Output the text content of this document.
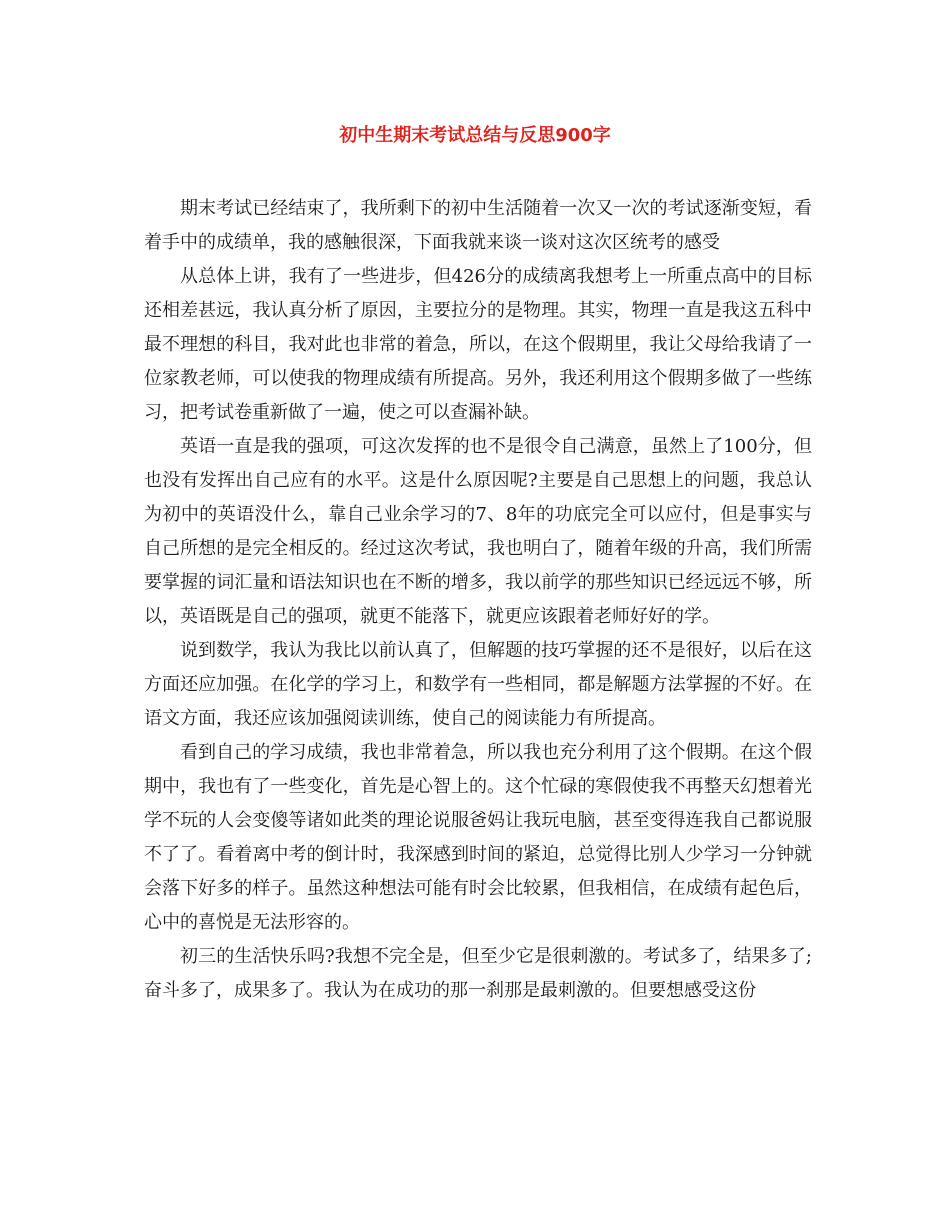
初中生期末考试总结与反思900字

期末考试已经结束了，我所剩下的初中生活随着一次又一次的考试逐渐变短，看着手中的成绩单，我的感触很深，下面我就来谈一谈对这次区统考的感受

从总体上讲，我有了一些进步，但426分的成绩离我想考上一所重点高中的目标还相差甚远，我认真分析了原因，主要拉分的是物理。其实，物理一直是我这五科中最不理想的科目，我对此也非常的着急，所以，在这个假期里，我让父母给我请了一位家教老师，可以使我的物理成绩有所提高。另外，我还利用这个假期多做了一些练习，把考试卷重新做了一遍，使之可以查漏补缺。

英语一直是我的强项，可这次发挥的也不是很令自己满意，虽然上了100分，但也没有发挥出自己应有的水平。这是什么原因呢?主要是自己思想上的问题，我总认为初中的英语没什么，靠自己业余学习的7、8年的功底完全可以应付，但是事实与自己所想的是完全相反的。经过这次考试，我也明白了，随着年级的升高，我们所需要掌握的词汇量和语法知识也在不断的增多，我以前学的那些知识已经远远不够，所以，英语既是自己的强项，就更不能落下，就更应该跟着老师好好的学。

说到数学，我认为我比以前认真了，但解题的技巧掌握的还不是很好，以后在这方面还应加强。在化学的学习上，和数学有一些相同，都是解题方法掌握的不好。在语文方面，我还应该加强阅读训练，使自己的阅读能力有所提高。

看到自己的学习成绩，我也非常着急，所以我也充分利用了这个假期。在这个假期中，我也有了一些变化，首先是心智上的。这个忙碌的寒假使我不再整天幻想着光学不玩的人会变傻等诸如此类的理论说服爸妈让我玩电脑，甚至变得连我自己都说服不了了。看着离中考的倒计时，我深感到时间的紧迫，总觉得比别人少学习一分钟就会落下好多的样子。虽然这种想法可能有时会比较累，但我相信，在成绩有起色后，心中的喜悦是无法形容的。

初三的生活快乐吗?我想不完全是，但至少它是很刺激的。考试多了，结果多了;奋斗多了，成果多了。我认为在成功的那一刹那是最刺激的。但要想感受这份
